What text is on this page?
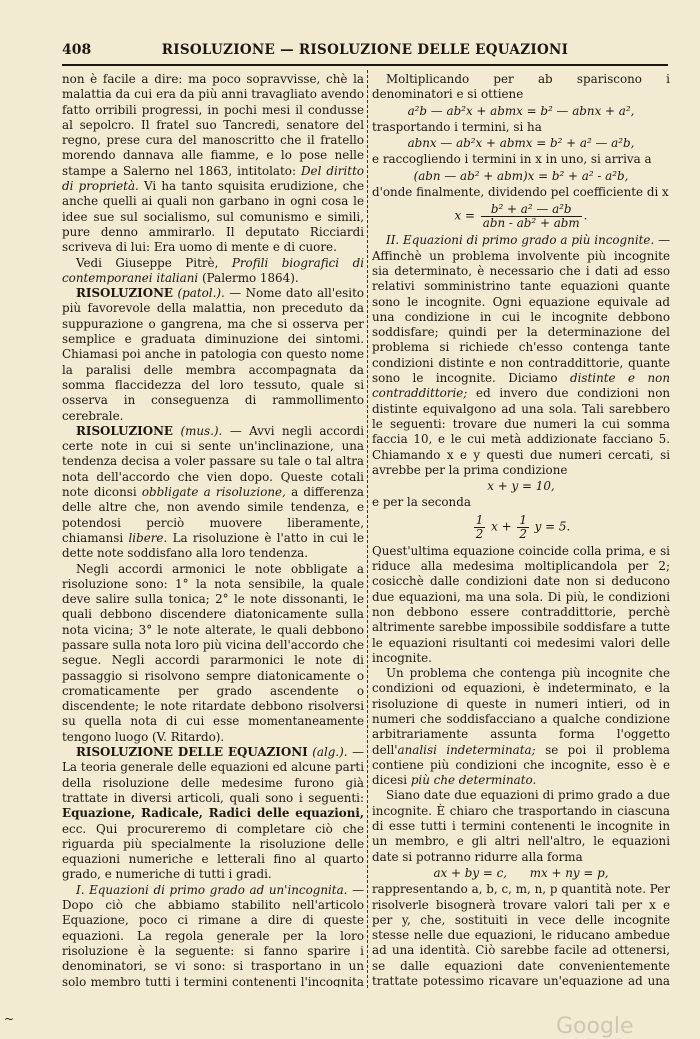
408	RISOLUZIONE — RISOLUZIONE DELLE EQUAZIONI

non è facile a dire: ma poco sopravvisse, chè la malattia da cui era da più anni travagliato avendo fatto orribili progressi, in pochi mesi il condusse al sepolcro. Il fratel suo Tancredi, senatore del regno, prese cura del manoscritto che il fratello morendo dannava alle fiamme, e lo pose nelle stampe a Salerno nel 1863, intitolato: Del diritto di proprietà. Vi ha tanto squisita erudizione, che anche quelli ai quali non garbano in ogni cosa le idee sue sul socialismo, sul comunismo e simili, pure denno ammirarlo. Il deputato Ricciardi scriveva di lui: Era uomo di mente e di cuore.

Vedi Giuseppe Pitrè, Profili biografici di contemporanei italiani (Palermo 1864).

RISOLUZIONE (patol.). — Nome dato all'esito più favorevole della malattia, non preceduto da suppurazione o gangrena, ma che si osserva per semplice e graduata diminuzione dei sintomi. Chiamasi poi anche in patologia con questo nome la paralisi delle membra accompagnata da somma flaccidezza del loro tessuto, quale si osserva in conseguenza di rammollimento cerebrale.

RISOLUZIONE (mus.). — Avvi negli accordi certe note in cui si sente un'inclinazione, una tendenza decisa a voler passare su tale o tal altra nota dell'accordo che vien dopo. Queste cotali note diconsi obbligate a risoluzione, a differenza delle altre che, non avendo simile tendenza, e potendosi perciò muovere liberamente, chiamansi libere. La risoluzione è l'atto in cui le dette note soddisfano alla loro tendenza.

Negli accordi armonici le note obbligate a risoluzione sono: 1° la nota sensibile, la quale deve salire sulla tonica; 2° le note dissonanti, le quali debbono discendere diatonicamente sulla nota vicina; 3° le note alterate, le quali debbono passare sulla nota loro più vicina dell'accordo che segue. Negli accordi pararmonici le note di passaggio si risolvono sempre diatonicamente o cromaticamente per grado ascendente o discendente; le note ritardate debbono risolversi su quella nota di cui esse momentaneamente tengono luogo (V. Ritardo).

RISOLUZIONE DELLE EQUAZIONI (alg.). — La teoria generale delle equazioni ed alcune parti della risoluzione delle medesime furono già trattate in diversi articoli, quali sono i seguenti: Equazione, Radicale, Radici delle equazioni, ecc. Qui procureremo di completare ciò che riguarda più specialmente la risoluzione delle equazioni numeriche e letterali fino al quarto grado, e numeriche di tutti i gradi.

I. Equazioni di primo grado ad un'incognita. — Dopo ciò che abbiamo stabilito nell'articolo Equazione, poco ci rimane a dire di queste equazioni. La regola generale per la loro risoluzione è la seguente: si fanno sparire i denominatori, se vi sono: si trasportano in un solo membro tutti i termini contenenti l'incognita

Moltiplicando per ab spariscono i denominatori e si ottiene

a²b — ab²x + abmx = b² — abnx + a²,

trasportando i termini, si ha

abnx — ab²x + abmx = b² + a² — a²b,

e raccogliendo i termini in x in uno, si arriva a

(abn — ab² + abm)x = b² + a² - a²b,

d'onde finalmente, dividendo pel coefficiente di x

$x = \frac{\text{b² + a² — a²b}}{\text{abn - ab² + abm}}$ .

II. Equazioni di primo grado a più incognite. — Affinchè un problema involvente più incognite sia determinato, è necessario che i dati ad esso relativi somministrino tante equazioni quante sono le incognite. Ogni equazione equivale ad una condizione in cui le incognite debbono soddisfare; quindi per la determinazione del problema si richiede ch'esso contenga tante condizioni distinte e non contraddittorie, quante sono le incognite. Diciamo distinte e non contraddittorie; ed invero due condizioni non distinte equivalgono ad una sola. Tali sarebbero le seguenti: trovare due numeri la cui somma faccia 10, e le cui metà addizionate facciano 5. Chiamando x e y questi due numeri cercati, si avrebbe per la prima condizione

x + y = 10,

e per la seconda

$\frac{1}{2}$ $x + \frac{1}{2}$ y = 5.

Quest'ultima equazione coincide colla prima, e si riduce alla medesima moltiplicandola per 2; cosicchè dalle condizioni date non si deducono due equazioni, ma una sola. Di più, le condizioni non debbono essere contraddittorie, perchè altrimente sarebbe impossibile soddisfare a tutte le equazioni risultanti coi medesimi valori delle incognite.

Un problema che contenga più incognite che condizioni od equazioni, è indeterminato, e la risoluzione di queste in numeri intieri, od in numeri che soddisfacciano a qualche condizione arbitrariamente assunta forma l'oggetto dell'analisi indeterminata; se poi il problema contiene più condizioni che incognite, esso è e dicesi più che determinato.

Siano date due equazioni di primo grado a due incognite. È chiaro che trasportando in ciascuna di esse tutti i termini contenenti le incognite in un membro, e gli altri nell'altro, le equazioni date si potranno ridurre alla forma

ax + by = c,      mx + ny = p,

rappresentando a, b, c, m, n, p quantità note. Per risolverle bisognerà trovare valori tali per x e per y, che, sostituiti in vece delle incognite stesse nelle due equazioni, le riducano ambedue ad una identità. Ciò sarebbe facile ad ottenersi, se dalle equazioni date convenientemente trattate potessimo ricavare un'equazione ad una

~	Google
